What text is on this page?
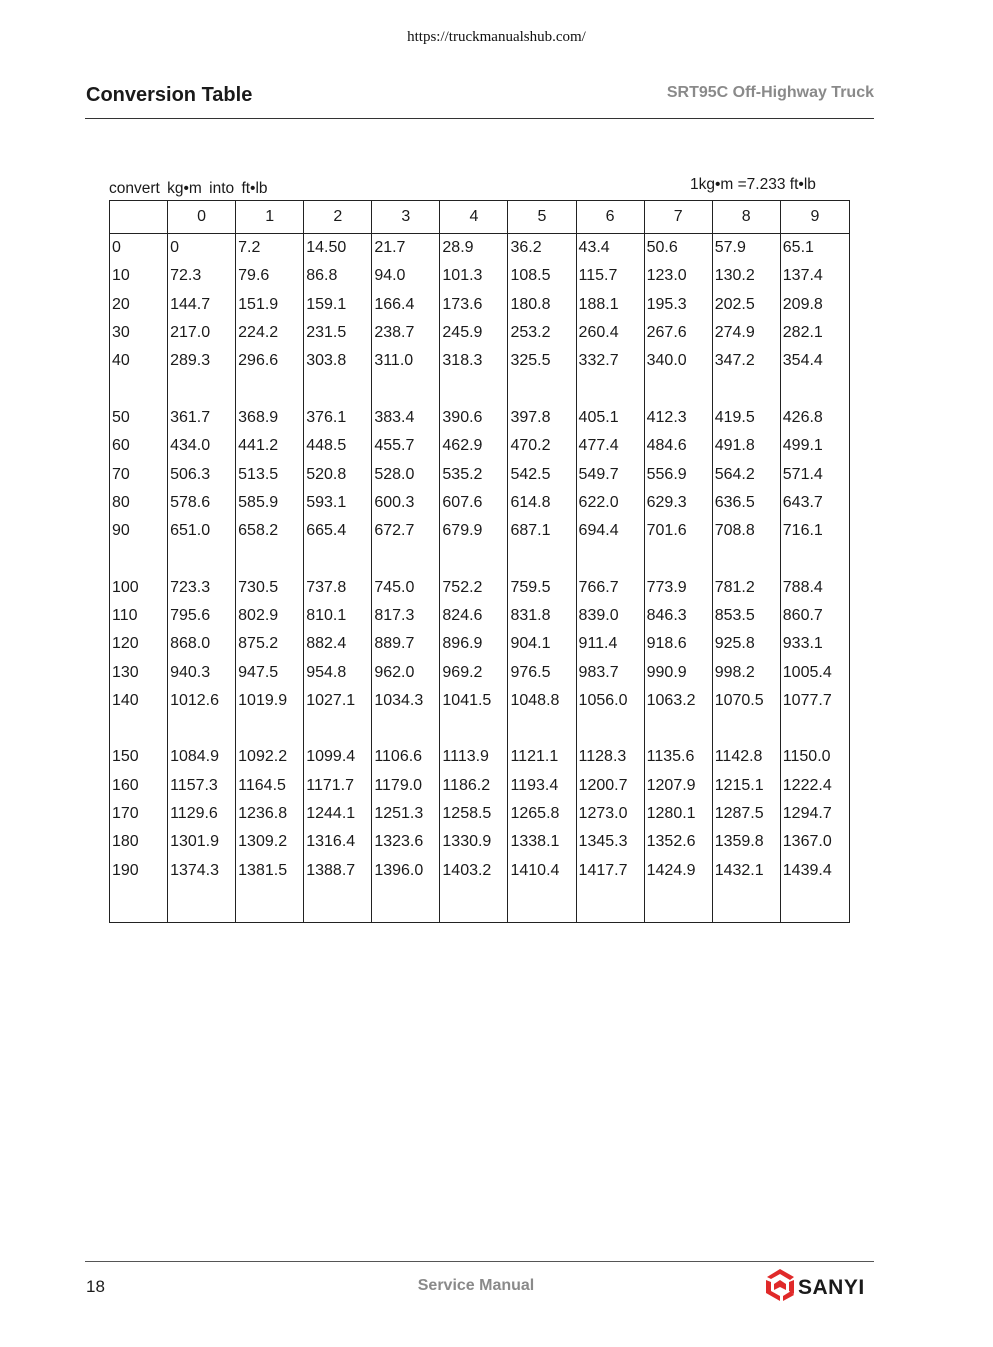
https://truckmanualshub.com/
Conversion Table	SRT95C Off-Highway Truck
convert kg•m into ft•lb	1kg•m =7.233 ft•lb
	0	1	2	3	4	5	6	7	8	9
0	0	7.2	14.50	21.7	28.9	36.2	43.4	50.6	57.9	65.1
10	72.3	79.6	86.8	94.0	101.3	108.5	115.7	123.0	130.2	137.4
20	144.7	151.9	159.1	166.4	173.6	180.8	188.1	195.3	202.5	209.8
30	217.0	224.2	231.5	238.7	245.9	253.2	260.4	267.6	274.9	282.1
40	289.3	296.6	303.8	311.0	318.3	325.5	332.7	340.0	347.2	354.4

50	361.7	368.9	376.1	383.4	390.6	397.8	405.1	412.3	419.5	426.8
60	434.0	441.2	448.5	455.7	462.9	470.2	477.4	484.6	491.8	499.1
70	506.3	513.5	520.8	528.0	535.2	542.5	549.7	556.9	564.2	571.4
80	578.6	585.9	593.1	600.3	607.6	614.8	622.0	629.3	636.5	643.7
90	651.0	658.2	665.4	672.7	679.9	687.1	694.4	701.6	708.8	716.1

100	723.3	730.5	737.8	745.0	752.2	759.5	766.7	773.9	781.2	788.4
110	795.6	802.9	810.1	817.3	824.6	831.8	839.0	846.3	853.5	860.7
120	868.0	875.2	882.4	889.7	896.9	904.1	911.4	918.6	925.8	933.1
130	940.3	947.5	954.8	962.0	969.2	976.5	983.7	990.9	998.2	1005.4
140	1012.6	1019.9	1027.1	1034.3	1041.5	1048.8	1056.0	1063.2	1070.5	1077.7

150	1084.9	1092.2	1099.4	1106.6	1113.9	1121.1	1128.3	1135.6	1142.8	1150.0
160	1157.3	1164.5	1171.7	1179.0	1186.2	1193.4	1200.7	1207.9	1215.1	1222.4
170	1129.6	1236.8	1244.1	1251.3	1258.5	1265.8	1273.0	1280.1	1287.5	1294.7
180	1301.9	1309.2	1316.4	1323.6	1330.9	1338.1	1345.3	1352.6	1359.8	1367.0
190	1374.3	1381.5	1388.7	1396.0	1403.2	1410.4	1417.7	1424.9	1432.1	1439.4

18	Service Manual	SANYI
